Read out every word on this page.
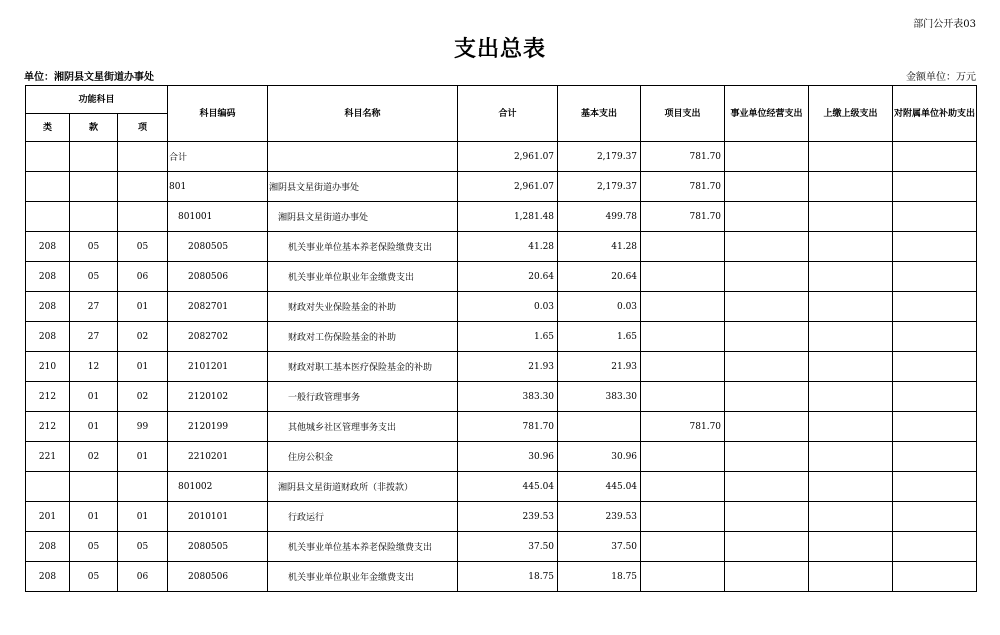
部门公开表03
支出总表
单位：湘阴县文星街道办事处	金额单位：万元
功能科目			科目编码	科目名称	合计	基本支出	项目支出	事业单位经营支出	上缴上级支出	对附属单位补助支出
类	款	项								
			合计		2,961.07	2,179.37	781.70			
			801	湘阴县文星街道办事处	2,961.07	2,179.37	781.70			
			801001	湘阴县文星街道办事处	1,281.48	499.78	781.70			
208	05	05	2080505	机关事业单位基本养老保险缴费支出	41.28	41.28				
208	05	06	2080506	机关事业单位职业年金缴费支出	20.64	20.64				
208	27	01	2082701	财政对失业保险基金的补助	0.03	0.03				
208	27	02	2082702	财政对工伤保险基金的补助	1.65	1.65				
210	12	01	2101201	财政对职工基本医疗保险基金的补助	21.93	21.93				
212	01	02	2120102	一般行政管理事务	383.30	383.30				
212	01	99	2120199	其他城乡社区管理事务支出	781.70		781.70			
221	02	01	2210201	住房公积金	30.96	30.96				
			801002	湘阴县文星街道财政所（非拨款）	445.04	445.04				
201	01	01	2010101	行政运行	239.53	239.53				
208	05	05	2080505	机关事业单位基本养老保险缴费支出	37.50	37.50				
208	05	06	2080506	机关事业单位职业年金缴费支出	18.75	18.75				
